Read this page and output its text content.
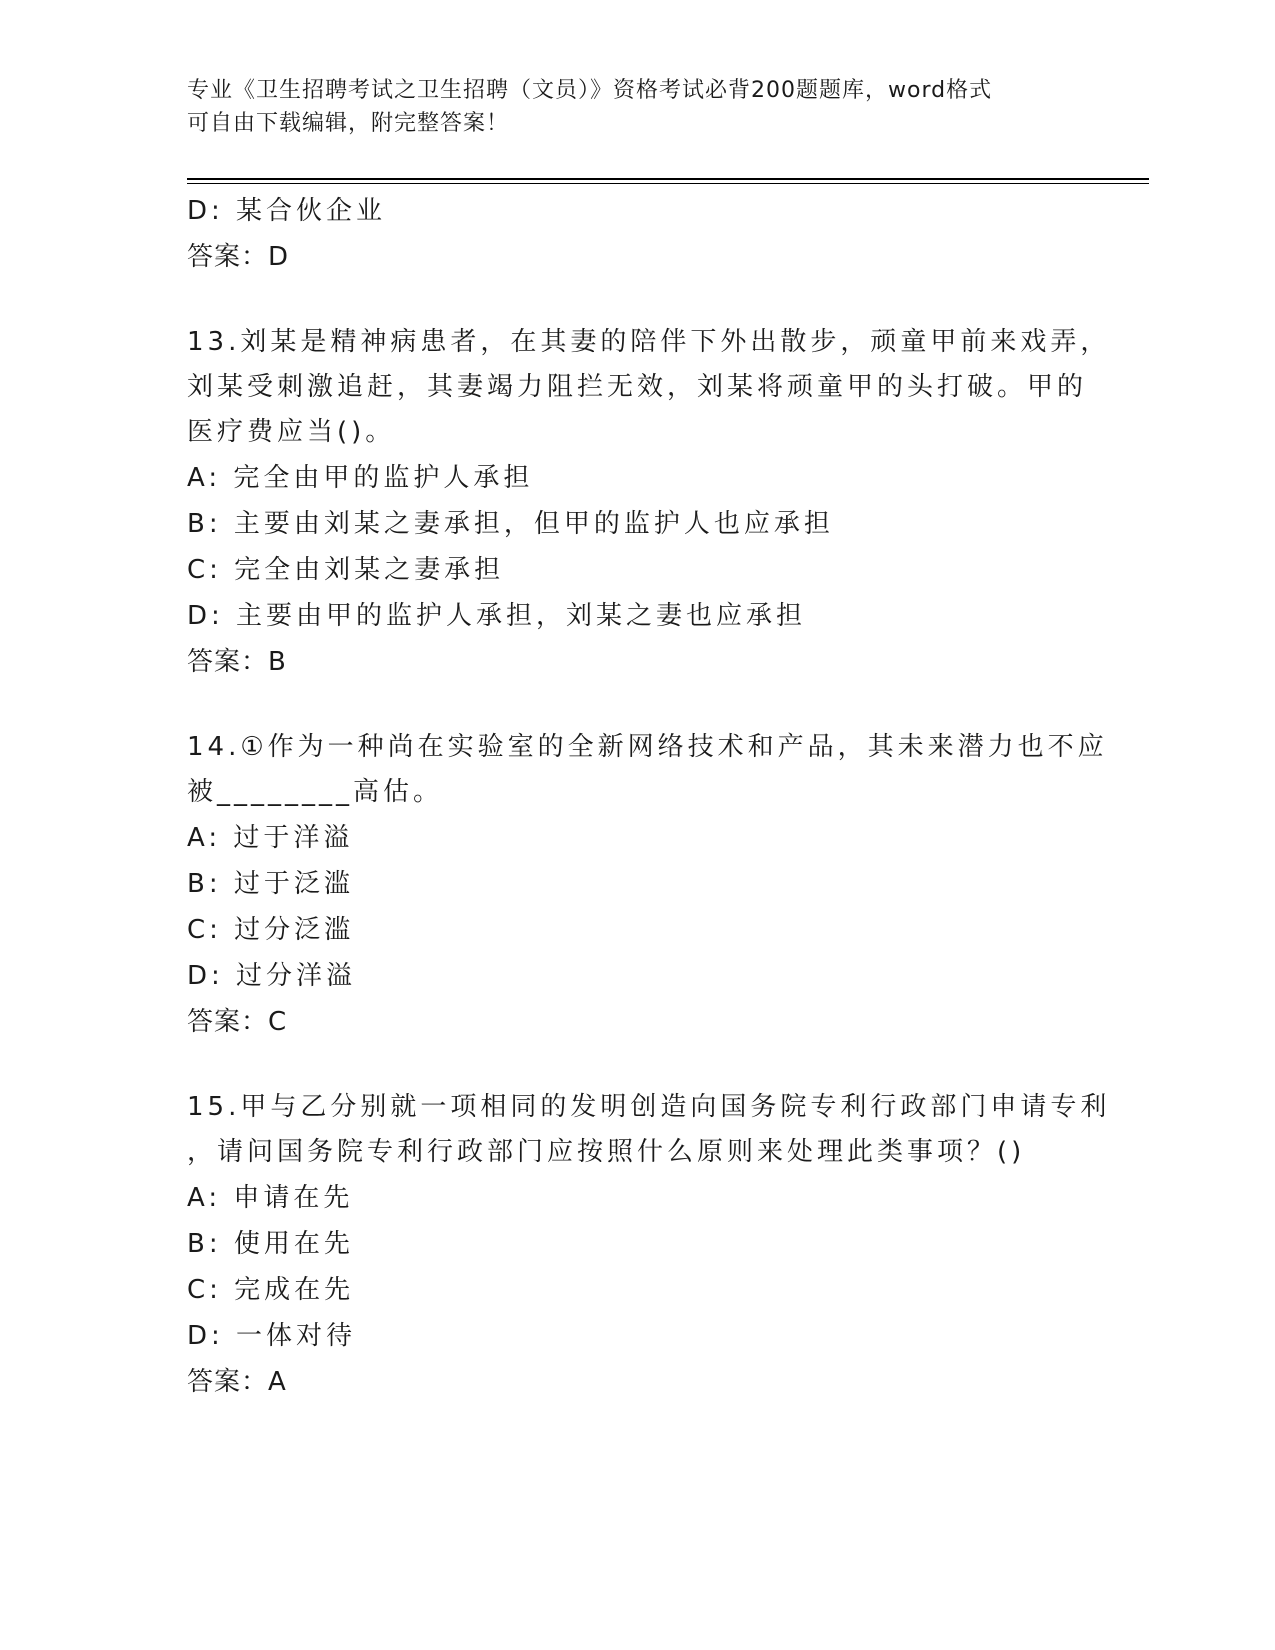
专业《卫生招聘考试之卫生招聘（文员）》资格考试必背200题题库，word格式
可自由下载编辑，附完整答案！
D: 某合伙企业
答案：D
13.刘某是精神病患者，在其妻的陪伴下外出散步，顽童甲前来戏弄，
刘某受刺激追赶，其妻竭力阻拦无效，刘某将顽童甲的头打破。甲的
医疗费应当()。
A: 完全由甲的监护人承担
B: 主要由刘某之妻承担，但甲的监护人也应承担
C: 完全由刘某之妻承担
D: 主要由甲的监护人承担，刘某之妻也应承担
答案：B
14.①作为一种尚在实验室的全新网络技术和产品，其未来潜力也不应
被________高估。
A: 过于洋溢
B: 过于泛滥
C: 过分泛滥
D: 过分洋溢
答案：C
15.甲与乙分别就一项相同的发明创造向国务院专利行政部门申请专利
，请问国务院专利行政部门应按照什么原则来处理此类事项？()
A: 申请在先
B: 使用在先
C: 完成在先
D: 一体对待
答案：A
